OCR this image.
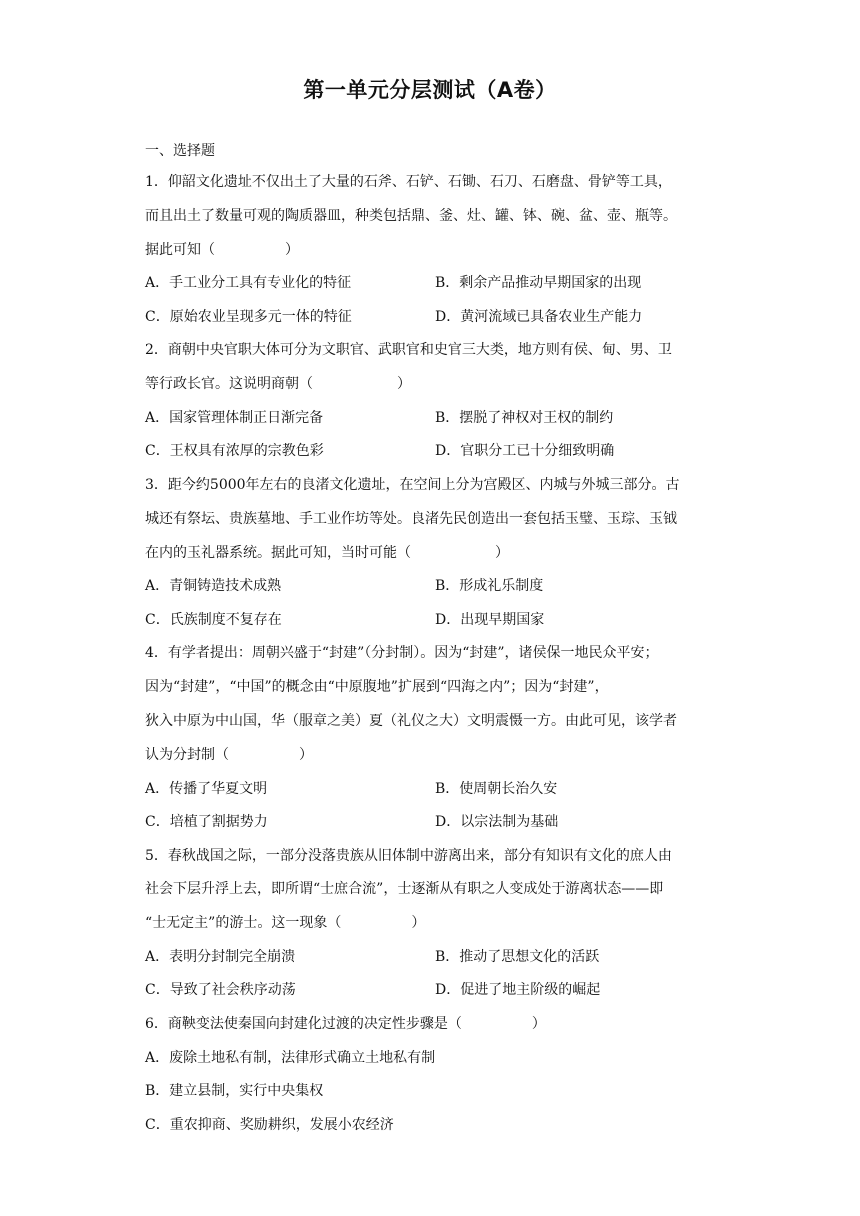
第一单元分层测试（A卷）
一、选择题
1．仰韶文化遗址不仅出土了大量的石斧、石铲、石锄、石刀、石磨盘、骨铲等工具，
而且出土了数量可观的陶质器皿，种类包括鼎、釜、灶、罐、钵、碗、盆、壶、瓶等。
据此可知（　　　　　）
A．手工业分工具有专业化的特征	B．剩余产品推动早期国家的出现
C．原始农业呈现多元一体的特征	D．黄河流域已具备农业生产能力
2．商朝中央官职大体可分为文职官、武职官和史官三大类，地方则有侯、甸、男、卫
等行政长官。这说明商朝（　　　　　　）
A．国家管理体制正日渐完备	B．摆脱了神权对王权的制约
C．王权具有浓厚的宗教色彩	D．官职分工已十分细致明确
3．距今约5000年左右的良渚文化遗址，在空间上分为宫殿区、内城与外城三部分。古
城还有祭坛、贵族墓地、手工业作坊等处。良渚先民创造出一套包括玉璧、玉琮、玉钺
在内的玉礼器系统。据此可知，当时可能（　　　　　　）
A．青铜铸造技术成熟	B．形成礼乐制度
C．氏族制度不复存在	D．出现早期国家
4．有学者提出：周朝兴盛于“封建”（分封制）。因为“封建”，诸侯保一地民众平安；
因为“封建”，“中国”的概念由“中原腹地”扩展到“四海之内”；因为“封建”，
狄入中原为中山国，华（服章之美）夏（礼仪之大）文明震慑一方。由此可见，该学者
认为分封制（　　　　　）
A．传播了华夏文明	B．使周朝长治久安
C．培植了割据势力	D．以宗法制为基础
5．春秋战国之际，一部分没落贵族从旧体制中游离出来，部分有知识有文化的庶人由
社会下层升浮上去，即所谓“士庶合流”，士逐渐从有职之人变成处于游离状态——即
“士无定主”的游士。这一现象（　　　　　）
A．表明分封制完全崩溃	B．推动了思想文化的活跃
C．导致了社会秩序动荡	D．促进了地主阶级的崛起
6．商鞅变法使秦国向封建化过渡的决定性步骤是（　　　　　）
A．废除土地私有制，法律形式确立土地私有制
B．建立县制，实行中央集权
C．重农抑商、奖励耕织，发展小农经济
